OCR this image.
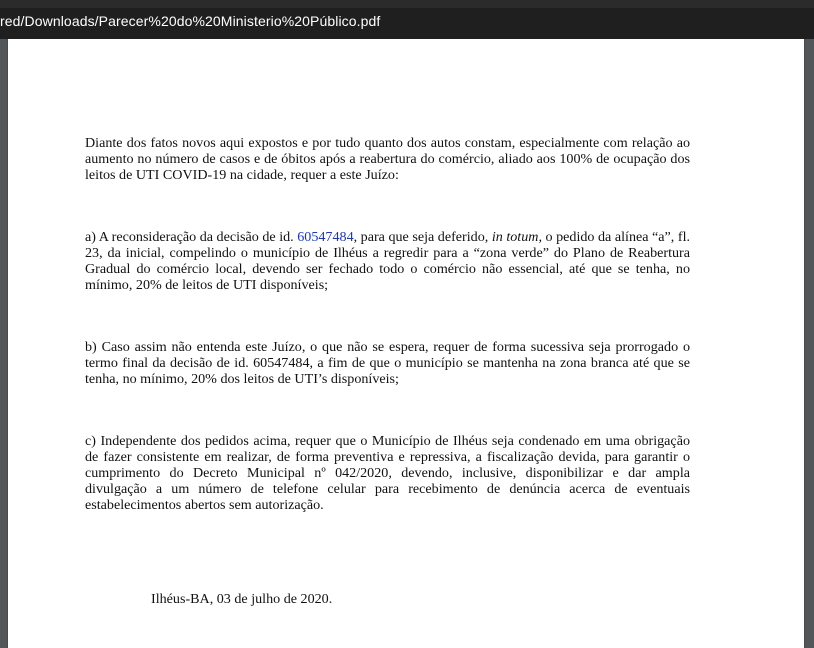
red/Downloads/Parecer%20do%20Ministerio%20Público.pdf
Diante dos fatos novos aqui expostos e por tudo quanto dos autos constam, especialmente com relação ao aumento no número de casos e de óbitos após a reabertura do comércio, aliado aos 100% de ocupação dos leitos de UTI COVID-19 na cidade, requer a este Juízo:
a) A reconsideração da decisão de id. 60547484, para que seja deferido, in totum, o pedido da alínea “a”, fl. 23, da inicial, compelindo o município de Ilhéus a regredir para a “zona verde” do Plano de Reabertura Gradual do comércio local, devendo ser fechado todo o comércio não essencial, até que se tenha, no mínimo, 20% de leitos de UTI disponíveis;
b) Caso assim não entenda este Juízo, o que não se espera, requer de forma sucessiva seja prorrogado o termo final da decisão de id. 60547484, a fim de que o município se mantenha na zona branca até que se tenha, no mínimo, 20% dos leitos de UTI’s disponíveis;
c) Independente dos pedidos acima, requer que o Município de Ilhéus seja condenado em uma obrigação de fazer consistente em realizar, de forma preventiva e repressiva, a fiscalização devida, para garantir o cumprimento do Decreto Municipal nº 042/2020, devendo, inclusive, disponibilizar e dar ampla divulgação a um número de telefone celular para recebimento de denúncia acerca de eventuais estabelecimentos abertos sem autorização.
Ilhéus-BA, 03 de julho de 2020.
